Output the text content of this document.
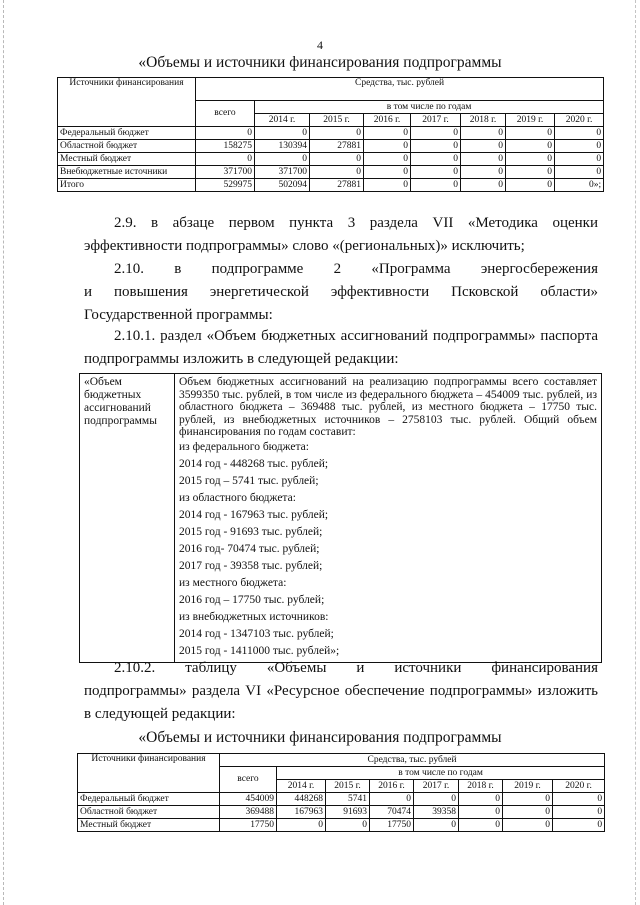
4
«Объемы и источники финансирования подпрограммы
Источники финансирования	Средства, тыс. рублей							
	всего	в том числе по годам						
		2014 г.	2015 г.	2016 г.	2017 г.	2018 г.	2019 г.	2020 г.
Федеральный бюджет	0	0	0	0	0	0	0	0
Областной бюджет	158275	130394	27881	0	0	0	0	0
Местный бюджет	0	0	0	0	0	0	0	0
Внебюджетные источники	371700	371700	0	0	0	0	0	0
Итого	529975	502094	27881	0	0	0	0	0»;
2.9. в абзаце первом пункта 3 раздела VII «Методика оценки эффективности подпрограммы» слово «(региональных)» исключить;
2.10. в подпрограмме 2 «Программа энергосбережения
и повышения энергетической эффективности Псковской области» Государственной программы:
2.10.1. раздел «Объем бюджетных ассигнований подпрограммы» паспорта подпрограммы изложить в следующей редакции:
«Объем бюджетных ассигнований подпрограммы	
Объем бюджетных ассигнований на реализацию подпрограммы всего составляет 3599350 тыс. рублей, в том числе из федерального бюджета – 454009 тыс. рублей, из областного бюджета – 369488 тыс. рублей, из местного бюджета – 17750 тыс. рублей, из внебюджетных источников – 2758103 тыс. рублей. Общий объем финансирования по годам составит:
из федерального бюджета:
2014 год - 448268 тыс. рублей;
2015 год – 5741 тыс. рублей;
из областного бюджета:
2014 год - 167963 тыс. рублей;
2015 год - 91693 тыс. рублей;
2016 год- 70474 тыс. рублей;
2017 год - 39358 тыс. рублей;
из местного бюджета:
2016 год – 17750 тыс. рублей;
из внебюджетных источников:
2014 год - 1347103 тыс. рублей;
2015 год - 1411000 тыс. рублей»;
2.10.2. таблицу «Объемы и источники финансирования
подпрограммы» раздела VI «Ресурсное обеспечение подпрограммы» изложить в следующей редакции:
«Объемы и источники финансирования подпрограммы
Источники финансирования	Средства, тыс. рублей							
	всего	в том числе по годам						
		2014 г.	2015 г.	2016 г.	2017 г.	2018 г.	2019 г.	2020 г.
Федеральный бюджет	454009	448268	5741	0	0	0	0	0
Областной бюджет	369488	167963	91693	70474	39358	0	0	0
Местный бюджет	17750	0	0	17750	0	0	0	0
